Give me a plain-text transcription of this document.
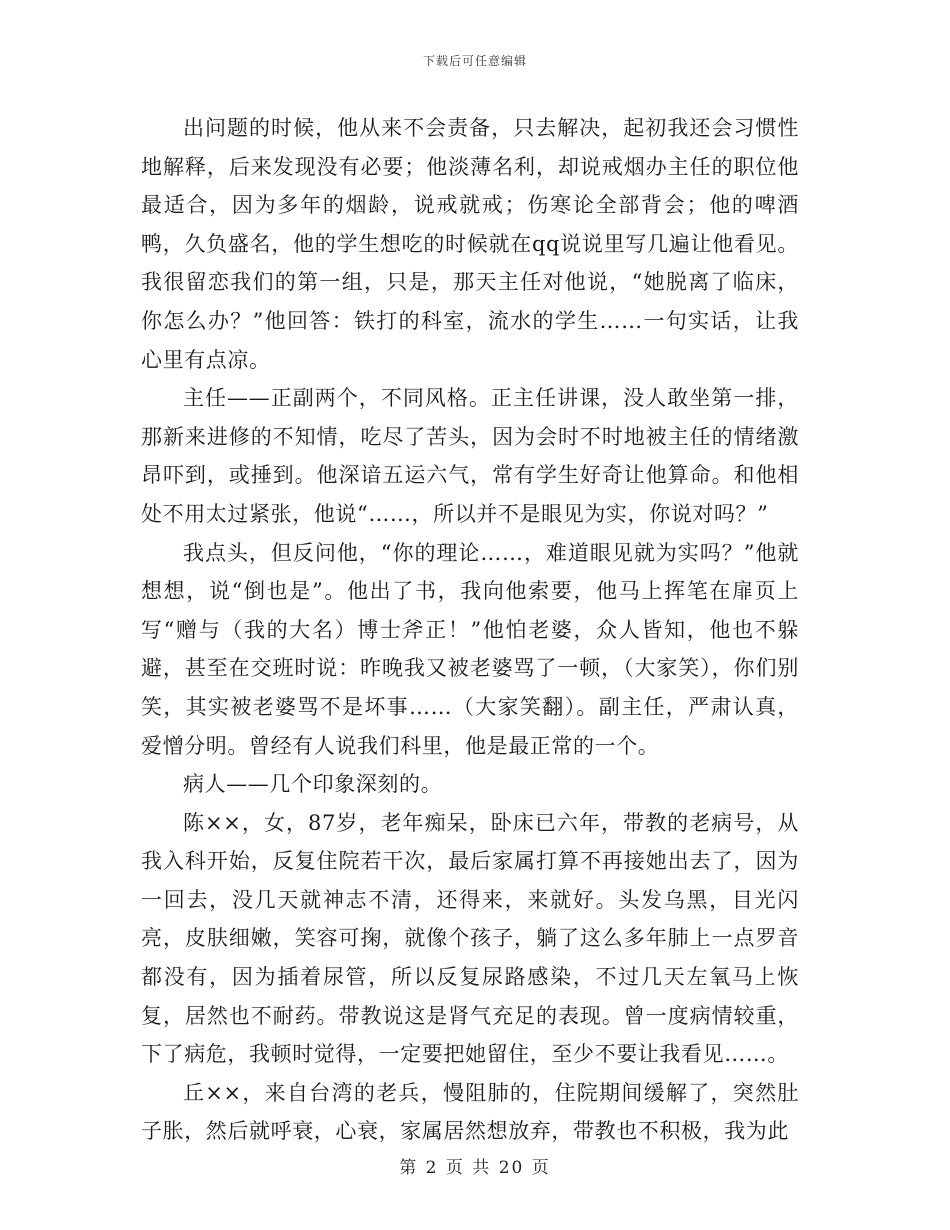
下载后可任意编辑

出问题的时候，他从来不会责备，只去解决，起初我还会习惯性地解释，后来发现没有必要；他淡薄名利，却说戒烟办主任的职位他最适合，因为多年的烟龄，说戒就戒；伤寒论全部背会；他的啤酒鸭，久负盛名，他的学生想吃的时候就在qq说说里写几遍让他看见。我很留恋我们的第一组，只是，那天主任对他说，“她脱离了临床，你怎么办？”他回答：铁打的科室，流水的学生……一句实话，让我心里有点凉。

主任——正副两个，不同风格。正主任讲课，没人敢坐第一排，那新来进修的不知情，吃尽了苦头，因为会时不时地被主任的情绪激昂吓到，或捶到。他深谙五运六气，常有学生好奇让他算命。和他相处不用太过紧张，他说“……，所以并不是眼见为实，你说对吗？”

我点头，但反问他，“你的理论……，难道眼见就为实吗？”他就想想，说“倒也是”。他出了书，我向他索要，他马上挥笔在扉页上写“赠与（我的大名）博士斧正！”他怕老婆，众人皆知，他也不躲避，甚至在交班时说：昨晚我又被老婆骂了一顿，（大家笑），你们别笑，其实被老婆骂不是坏事……（大家笑翻）。副主任，严肃认真，爱憎分明。曾经有人说我们科里，他是最正常的一个。

病人——几个印象深刻的。

陈××，女，87岁，老年痴呆，卧床已六年，带教的老病号，从我入科开始，反复住院若干次，最后家属打算不再接她出去了，因为一回去，没几天就神志不清，还得来，来就好。头发乌黑，目光闪亮，皮肤细嫩，笑容可掬，就像个孩子，躺了这么多年肺上一点罗音都没有，因为插着尿管，所以反复尿路感染，不过几天左氧马上恢复，居然也不耐药。带教说这是肾气充足的表现。曾一度病情较重，下了病危，我顿时觉得，一定要把她留住，至少不要让我看见……。

丘××，来自台湾的老兵，慢阻肺的，住院期间缓解了，突然肚子胀，然后就呼衰，心衰，家属居然想放弃，带教也不积极，我为此

第 2 页 共 20 页
